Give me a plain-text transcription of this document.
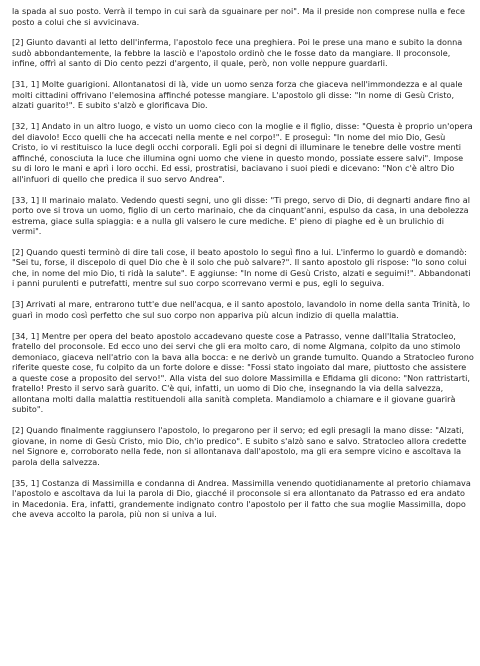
la spada al suo posto. Verrà il tempo in cui sarà da sguainare per noi". Ma il preside non comprese nulla e fece posto a colui che si avvicinava.

[2] Giunto davanti al letto dell'inferma, l'apostolo fece una preghiera. Poi le prese una mano e subito la donna sudò abbondantemente, la febbre la lasciò e l'apostolo ordinò che le fosse dato da mangiare. Il proconsole, infine, offrì al santo di Dio cento pezzi d'argento, il quale, però, non volle neppure guardarli.

[31, 1] Molte guarigioni. Allontanatosi di là, vide un uomo senza forza che giaceva nell'immondezza e al quale molti cittadini offrivano l'elemosina affinché potesse mangiare. L'apostolo gli disse: "In nome di Gesù Cristo, alzati guarito!". E subito s'alzò e glorificava Dio.

[32, 1] Andato in un altro luogo, e visto un uomo cieco con la moglie e il figlio, disse: "Questa è proprio un'opera del diavolo! Ecco quelli che ha accecati nella mente e nel corpo!". E proseguì: "In nome del mio Dio, Gesù Cristo, io vi restituisco la luce degli occhi corporali. Egli poi si degni di illuminare le tenebre delle vostre menti affinché, conosciuta la luce che illumina ogni uomo che viene in questo mondo, possiate essere salvi". Impose su di loro le mani e aprì i loro occhi. Ed essi, prostratisi, baciavano i suoi piedi e dicevano: "Non c'è altro Dio all'infuori di quello che predica il suo servo Andrea".

[33, 1] Il marinaio malato. Vedendo questi segni, uno gli disse: "Ti prego, servo di Dio, di degnarti andare fino al porto ove si trova un uomo, figlio di un certo marinaio, che da cinquant'anni, espulso da casa, in una debolezza estrema, giace sulla spiaggia: e a nulla gli valsero le cure mediche. E' pieno di piaghe ed è un brulichio di vermi".

[2] Quando questi terminò di dire tali cose, il beato apostolo lo seguì fino a lui. L'infermo lo guardò e domandò: "Sei tu, forse, il discepolo di quel Dio che è il solo che può salvare?". Il santo apostolo gli rispose: "Io sono colui che, in nome del mio Dio, ti ridà la salute". E aggiunse: "In nome di Gesù Cristo, alzati e seguimi!". Abbandonati i panni purulenti e putrefatti, mentre sul suo corpo scorrevano vermi e pus, egli lo seguiva.

[3] Arrivati al mare, entrarono tutt'e due nell'acqua, e il santo apostolo, lavandolo in nome della santa Trinità, lo guarì in modo così perfetto che sul suo corpo non appariva più alcun indizio di quella malattia.

[34, 1] Mentre per opera del beato apostolo accadevano queste cose a Patrasso, venne dall'Italia Stratocleo, fratello del proconsole. Ed ecco uno dei servi che gli era molto caro, di nome Algmana, colpito da uno stimolo demoniaco, giaceva nell'atrio con la bava alla bocca: e ne derivò un grande tumulto. Quando a Stratocleo furono riferite queste cose, fu colpito da un forte dolore e disse: "Fossi stato ingoiato dal mare, piuttosto che assistere a queste cose a proposito del servo!". Alla vista del suo dolore Massimilla e Efidama gli dicono: "Non rattristarti, fratello! Presto il servo sarà guarito. C'è qui, infatti, un uomo di Dio che, insegnando la via della salvezza, allontana molti dalla malattia restituendoli alla sanità completa. Mandiamolo a chiamare e il giovane guarirà subito".

[2] Quando finalmente raggiunsero l'apostolo, lo pregarono per il servo; ed egli presagli la mano disse: "Alzati, giovane, in nome di Gesù Cristo, mio Dio, ch'io predico". E subito s'alzò sano e salvo. Stratocleo allora credette nel Signore e, corroborato nella fede, non si allontanava dall'apostolo, ma gli era sempre vicino e ascoltava la parola della salvezza.

[35, 1] Costanza di Massimilla e condanna di Andrea. Massimilla venendo quotidianamente al pretorio chiamava l'apostolo e ascoltava da lui la parola di Dio, giacché il proconsole si era allontanato da Patrasso ed era andato in Macedonia. Era, infatti, grandemente indignato contro l'apostolo per il fatto che sua moglie Massimilla, dopo che aveva accolto la parola, più non si univa a lui.
